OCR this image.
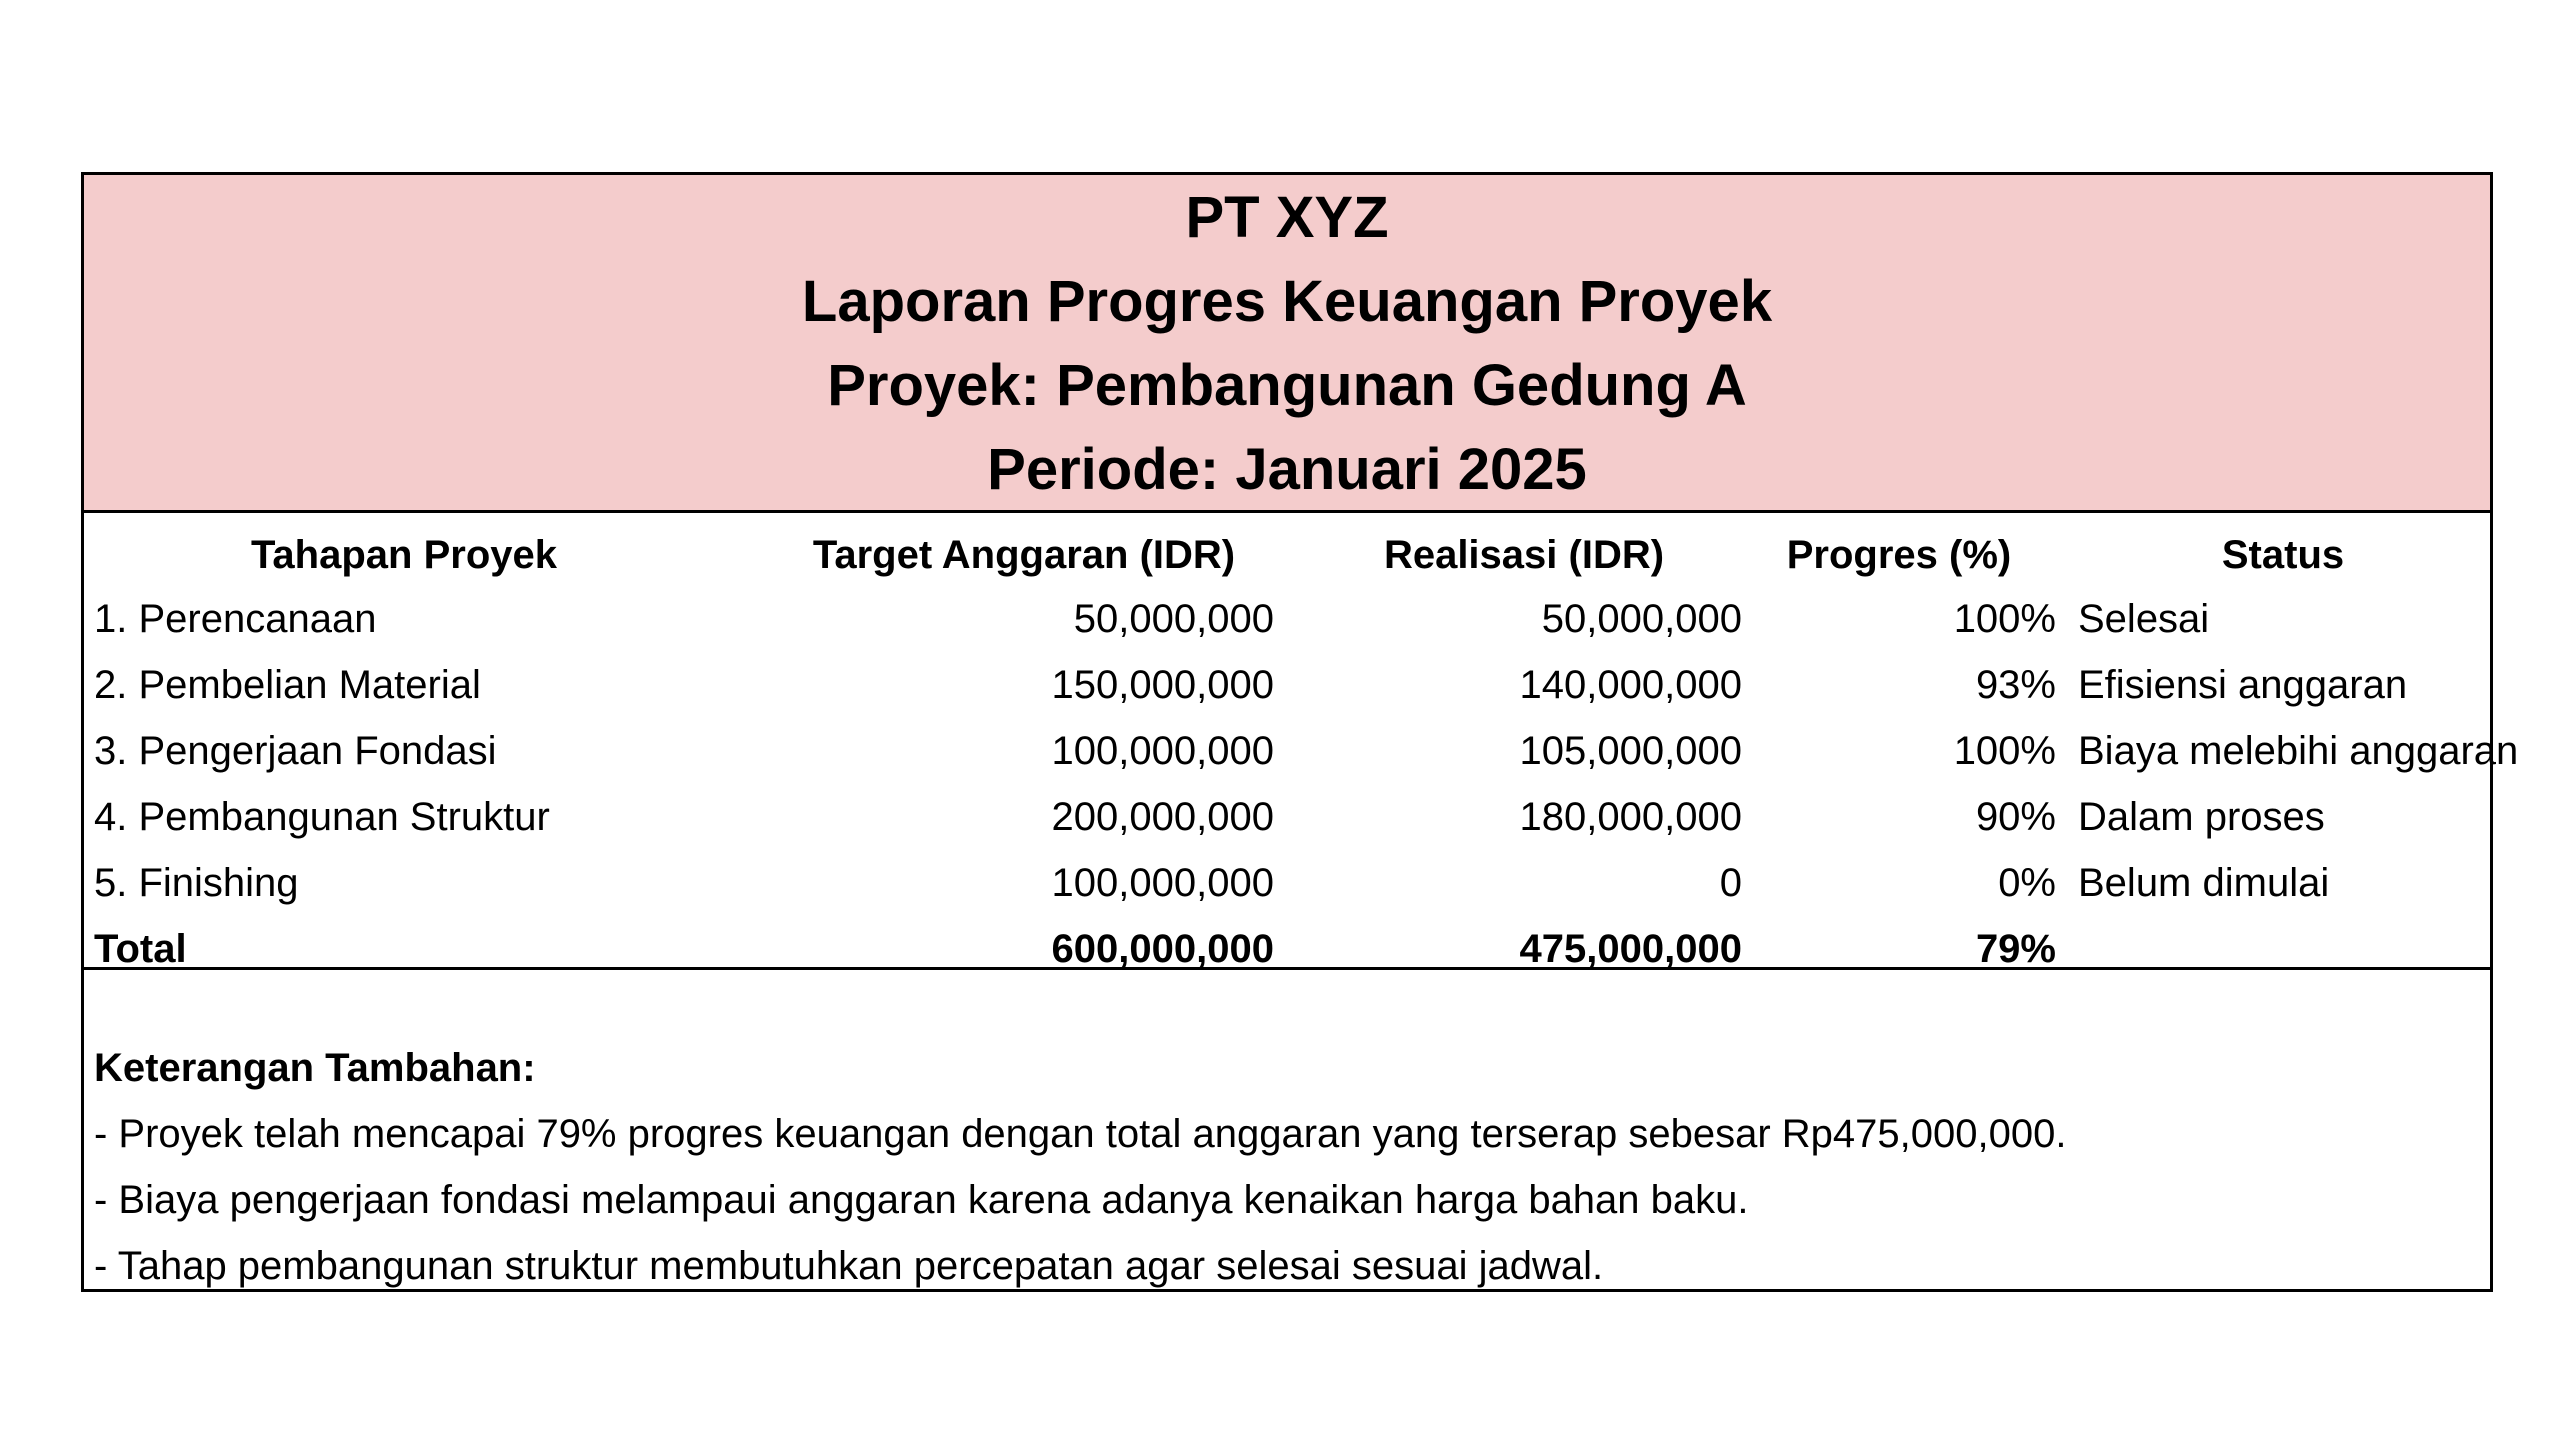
PT XYZ
Laporan Progres Keuangan Proyek
Proyek: Pembangunan Gedung A
Periode: Januari 2025
Tahapan Proyek	Target Anggaran (IDR)	Realisasi (IDR)	Progres (%)	Status
1. Perencanaan	50,000,000	50,000,000	100% Selesai
2. Pembelian Material	150,000,000	140,000,000	93% Efisiensi anggaran
3. Pengerjaan Fondasi	100,000,000	105,000,000	100% Biaya melebihi anggaran
4. Pembangunan Struktur	200,000,000	180,000,000	90% Dalam proses
5. Finishing	100,000,000	0	0% Belum dimulai
Total	600,000,000	475,000,000	79%
Keterangan Tambahan:
- Proyek telah mencapai 79% progres keuangan dengan total anggaran yang terserap sebesar Rp475,000,000.
- Biaya pengerjaan fondasi melampaui anggaran karena adanya kenaikan harga bahan baku.
- Tahap pembangunan struktur membutuhkan percepatan agar selesai sesuai jadwal.
